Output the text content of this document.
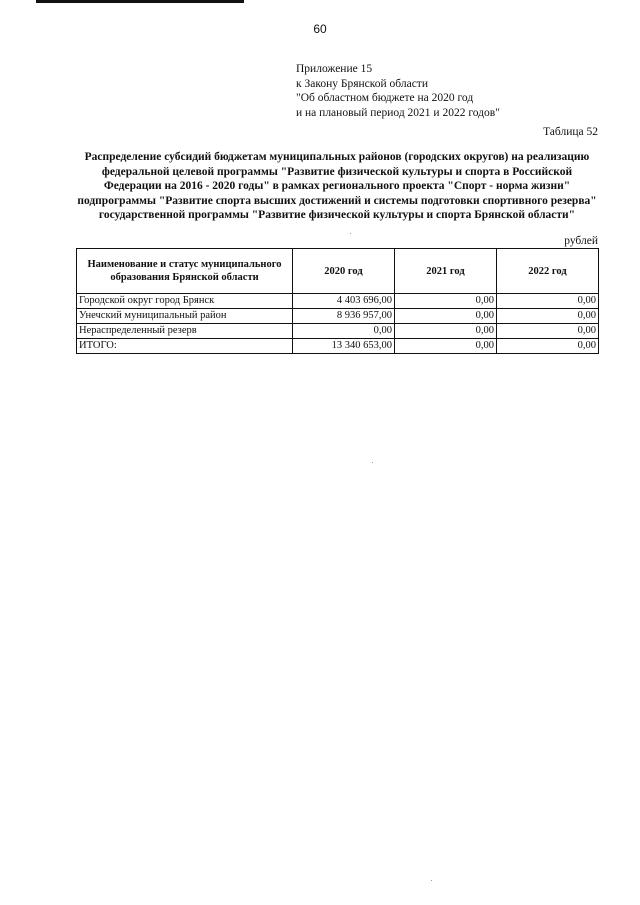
60
Приложение 15
к Закону Брянской области
"Об областном бюджете на 2020 год
и на плановый период 2021 и 2022 годов"
Таблица 52
Распределение субсидий бюджетам муниципальных районов (городских округов) на реализацию
федеральной целевой программы "Развитие физической культуры и спорта в Российской
Федерации на 2016 - 2020 годы" в рамках регионального проекта "Спорт - норма жизни"
подпрограммы "Развитие спорта высших достижений и системы подготовки спортивного резерва"
государственной программы "Развитие физической культуры и спорта Брянской области"
рублей
Наименование и статус муниципального образования Брянской области	2020 год	2021 год	2022 год
Городской округ город Брянск	4 403 696,00	0,00	0,00
Унечский муниципальный район	8 936 957,00	0,00	0,00
Нераспределенный резерв	0,00	0,00	0,00
ИТОГО:	13 340 653,00	0,00	0,00
